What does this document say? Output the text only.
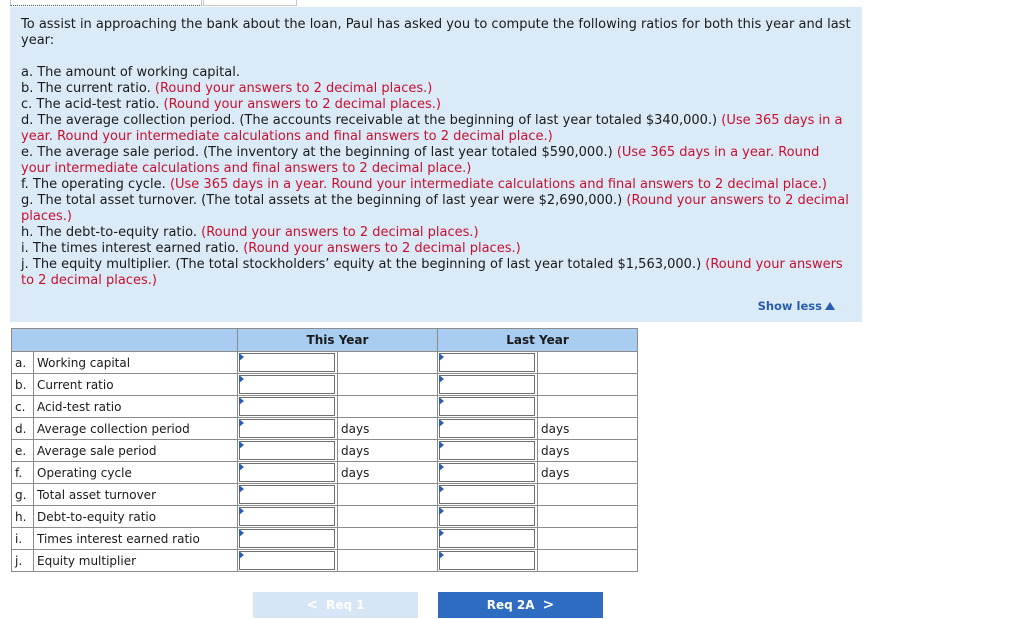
To assist in approaching the bank about the loan, Paul has asked you to compute the following ratios for both this year and last year:

a. The amount of working capital.

b. The current ratio. (Round your answers to 2 decimal places.)

c. The acid-test ratio. (Round your answers to 2 decimal places.)

d. The average collection period. (The accounts receivable at the beginning of last year totaled $340,000.) (Use 365 days in a year. Round your intermediate calculations and final answers to 2 decimal place.)

e. The average sale period. (The inventory at the beginning of last year totaled $590,000.) (Use 365 days in a year. Round your intermediate calculations and final answers to 2 decimal place.)

f. The operating cycle. (Use 365 days in a year. Round your intermediate calculations and final answers to 2 decimal place.)

g. The total asset turnover. (The total assets at the beginning of last year were $2,690,000.) (Round your answers to 2 decimal places.)

h. The debt-to-equity ratio. (Round your answers to 2 decimal places.)

i. The times interest earned ratio. (Round your answers to 2 decimal places.)

j. The equity multiplier. (The total stockholders’ equity at the beginning of last year totaled $1,563,000.) (Round your answers to 2 decimal places.)

Show less
		This Year		Last Year	
a.	Working capital	

b.	Current ratio	

c.	Acid-test ratio	

d.	Average collection period		days		days
e.	Average sale period		days		days
f.	Operating cycle		days		days
g.	Total asset turnover	

h.	Debt-to-equity ratio	

i.	Times interest earned ratio	

j.	Equity multiplier	

< Req 1	Req 2A >
